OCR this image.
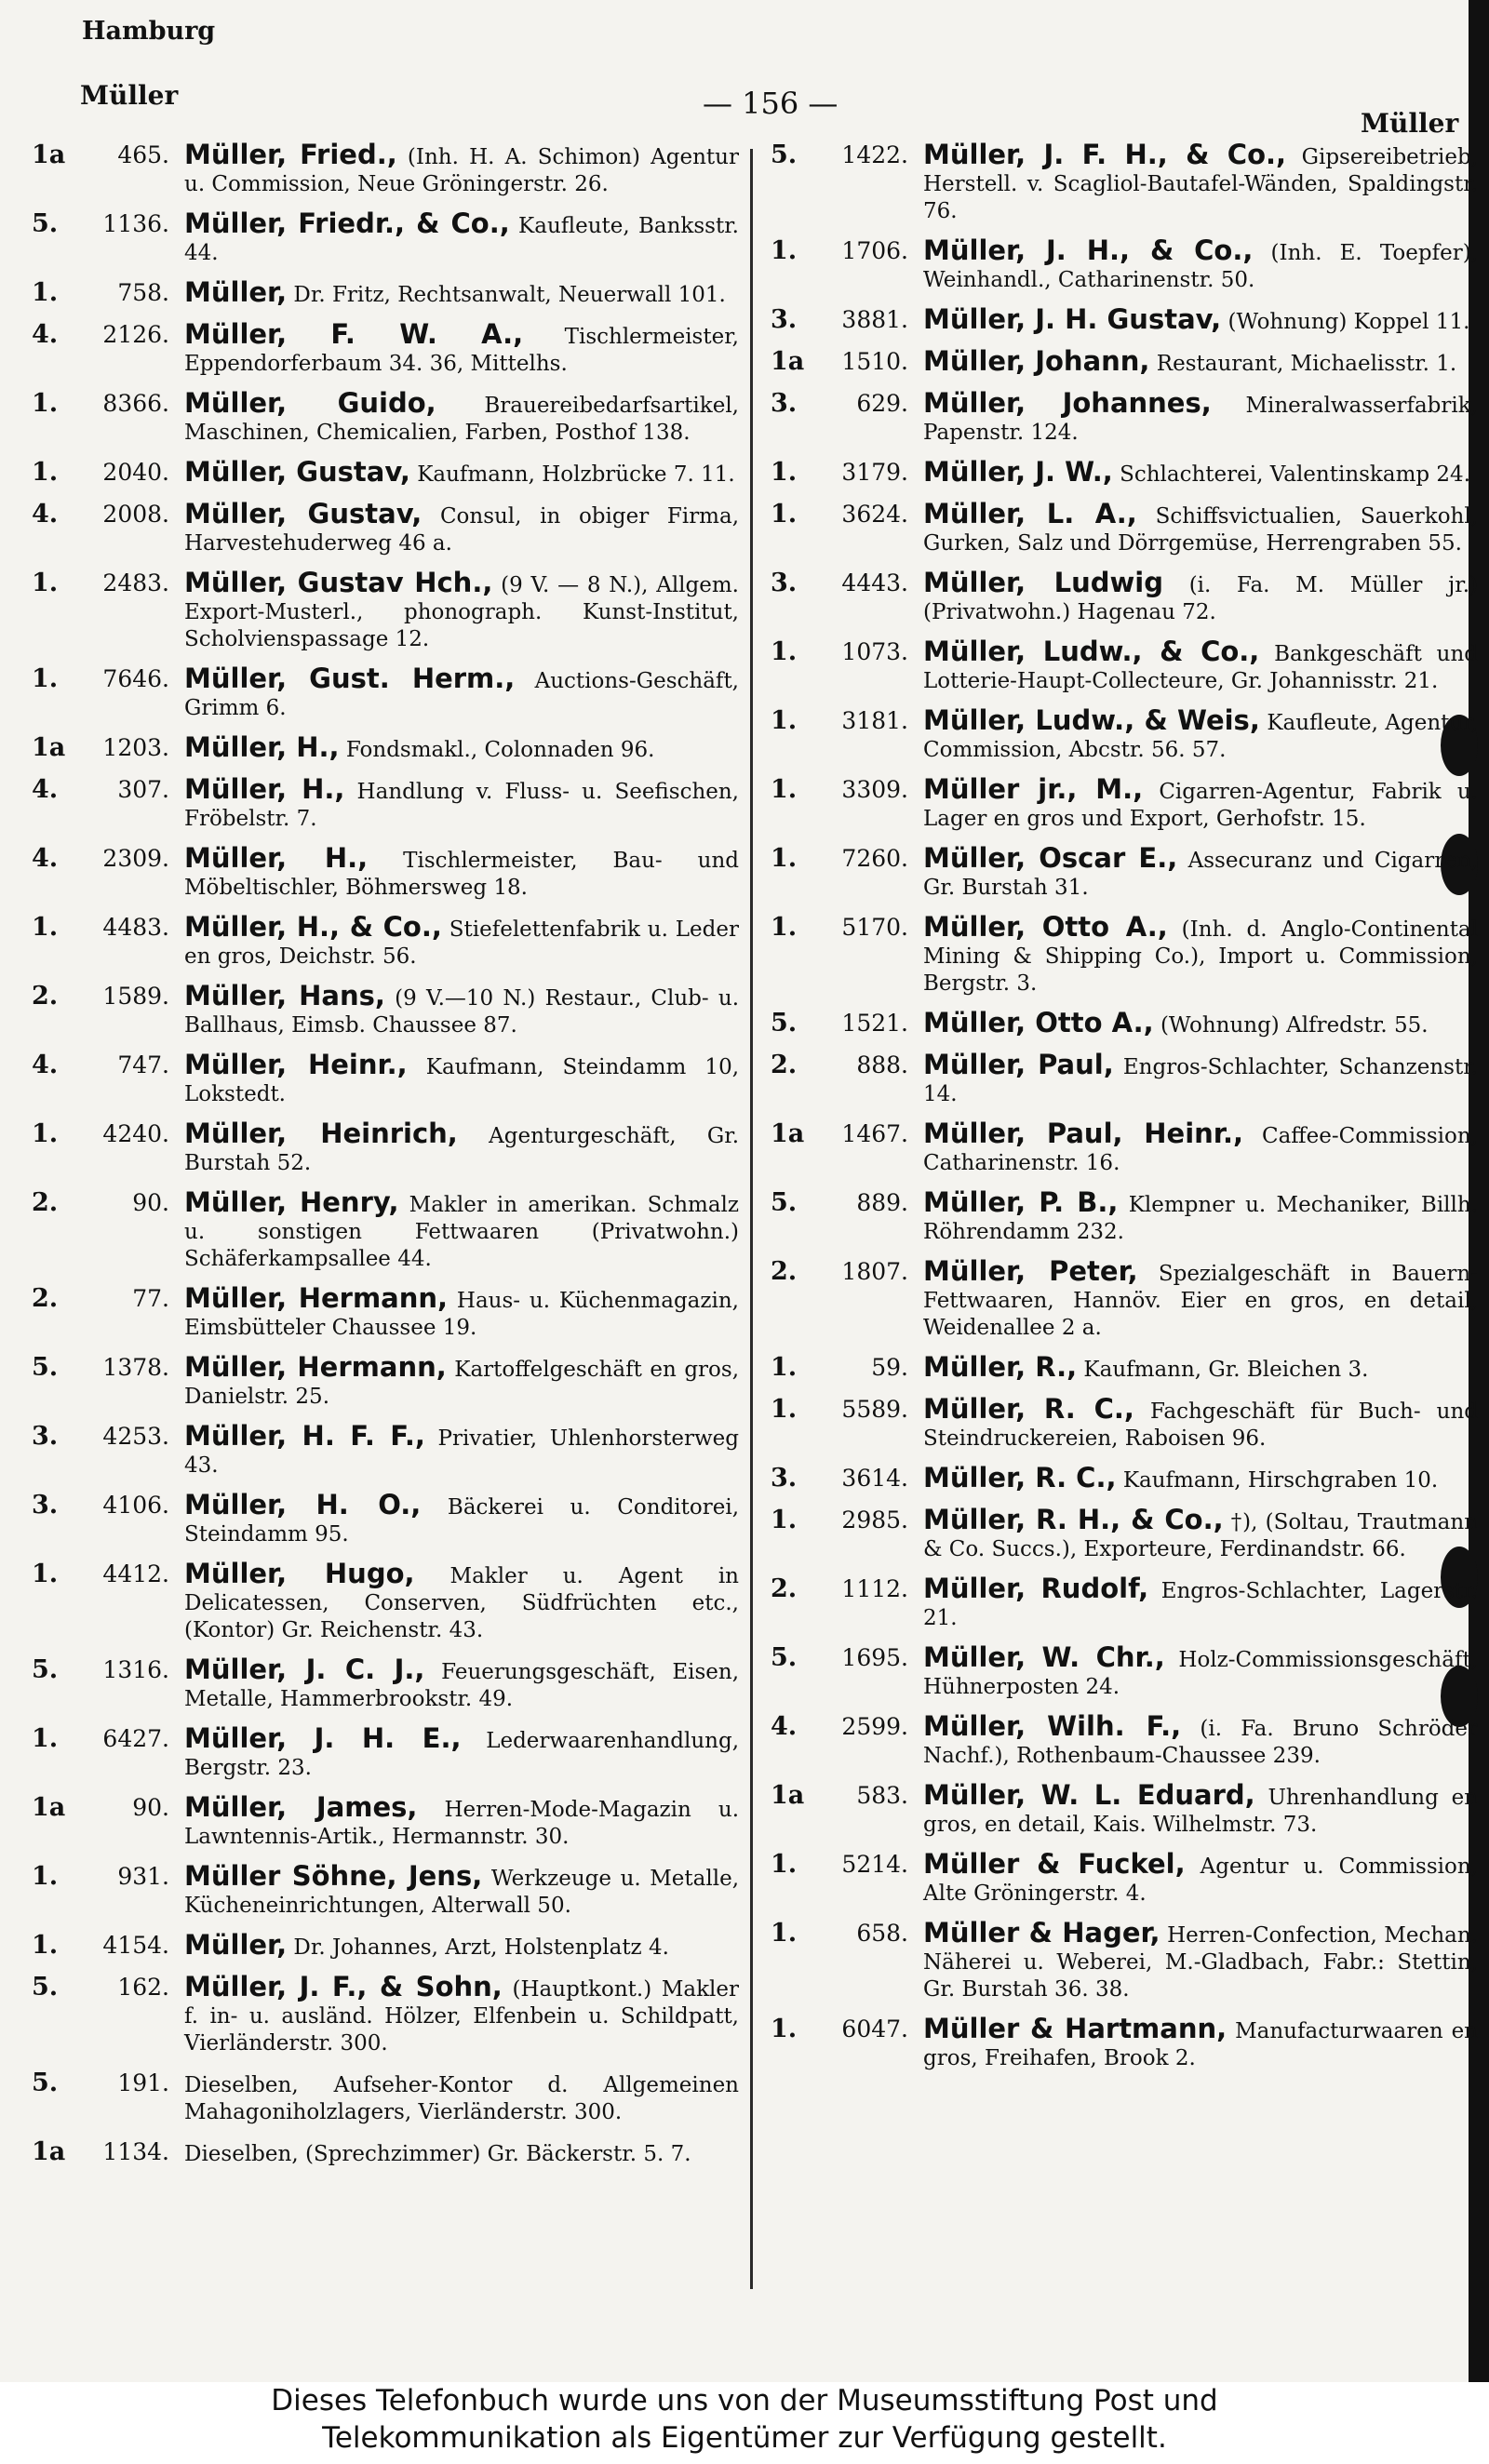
Hamburg
Müller	— 156 —
Müller
1a	465. Müller, Fried., (Inh. H. A. Schimon) Agentur u. Commission, Neue Gröningerstr. 26.
5.	1136. Müller, Friedr., & Co., Kaufleute, Banksstr. 44.
1.	758. Müller, Dr. Fritz, Rechtsanwalt, Neuerwall 101.
4.	2126. Müller, F. W. A., Tischlermeister, Eppendorferbaum 34. 36, Mittelhs.
1.	8366. Müller, Guido, Brauereibedarfsartikel, Maschinen, Chemicalien, Farben, Posthof 138.
1.	2040. Müller, Gustav, Kaufmann, Holzbrücke 7. 11.
4.	2008. Müller, Gustav, Consul, in obiger Firma, Harvestehuderweg 46 a.
1.	2483. Müller, Gustav Hch., (9 V. — 8 N.), Allgem. Export-Musterl., phonograph. Kunst-Institut, Scholvienspassage 12.
1.	7646. Müller, Gust. Herm., Auctions-Geschäft, Grimm 6.
1a	1203. Müller, H., Fondsmakl., Colonnaden 96.
4.	307. Müller, H., Handlung v. Fluss- u. Seefischen, Fröbelstr. 7.
4.	2309. Müller, H., Tischlermeister, Bau- und Möbeltischler, Böhmersweg 18.
1.	4483. Müller, H., & Co., Stiefelettenfabrik u. Leder en gros, Deichstr. 56.
2.	1589. Müller, Hans, (9 V.—10 N.) Restaur., Club- u. Ballhaus, Eimsb. Chaussee 87.
4.	747. Müller, Heinr., Kaufmann, Steindamm 10, Lokstedt.
1.	4240. Müller, Heinrich, Agenturgeschäft, Gr. Burstah 52.
2.	90. Müller, Henry, Makler in amerikan. Schmalz u. sonstigen Fettwaaren (Privatwohn.) Schäferkampsallee 44.
2.	77. Müller, Hermann, Haus- u. Küchenmagazin, Eimsbütteler Chaussee 19.
5.	1378. Müller, Hermann, Kartoffelgeschäft en gros, Danielstr. 25.
3.	4253. Müller, H. F. F., Privatier, Uhlenhorsterweg 43.
3.	4106. Müller, H. O., Bäckerei u. Conditorei, Steindamm 95.
1.	4412. Müller, Hugo, Makler u. Agent in Delicatessen, Conserven, Südfrüchten etc., (Kontor) Gr. Reichenstr. 43.
5.	1316. Müller, J. C. J., Feuerungsgeschäft, Eisen, Metalle, Hammerbrookstr. 49.
1.	6427. Müller, J. H. E., Lederwaarenhandlung, Bergstr. 23.
1a	90. Müller, James, Herren-Mode-Magazin u. Lawntennis-Artik., Hermannstr. 30.
1.	931. Müller Söhne, Jens, Werkzeuge u. Metalle, Kücheneinrichtungen, Alterwall 50.
1.	4154. Müller, Dr. Johannes, Arzt, Holstenplatz 4.
5.	162. Müller, J. F., & Sohn, (Hauptkont.) Makler f. in- u. ausländ. Hölzer, Elfenbein u. Schildpatt, Vierländerstr. 300.
5.	191. Dieselben, Aufseher-Kontor d. Allgemeinen Mahagoniholzlagers, Vierländerstr. 300.
1a	1134. Dieselben, (Sprechzimmer) Gr. Bäckerstr. 5. 7.
5.	1422. Müller, J. F. H., & Co., Gipsereibetrieb, Herstell. v. Scagliol-Bautafel-Wänden, Spaldingstr. 76.
1.	1706. Müller, J. H., & Co., (Inh. E. Toepfer), Weinhandl., Catharinenstr. 50.
3.	3881. Müller, J. H. Gustav, (Wohnung) Koppel 11.
1a	1510. Müller, Johann, Restaurant, Michaelisstr. 1.
3.	629. Müller, Johannes, Mineralwasserfabrik, Papenstr. 124.
1.	3179. Müller, J. W., Schlachterei, Valentinskamp 24.
1.	3624. Müller, L. A., Schiffsvictualien, Sauerkohl, Gurken, Salz und Dörrgemüse, Herrengraben 55.
3.	4443. Müller, Ludwig (i. Fa. M. Müller jr.) (Privatwohn.) Hagenau 72.
1.	1073. Müller, Ludw., & Co., Bankgeschäft und Lotterie-Haupt-Collecteure, Gr. Johannisstr. 21.
1.	3181. Müller, Ludw., & Weis, Kaufleute, Agentur, Commission, Abcstr. 56. 57.
1.	3309. Müller jr., M., Cigarren-Agentur, Fabrik u. Lager en gros und Export, Gerhofstr. 15.
1.	7260. Müller, Oscar E., Assecuranz und Cigarren, Gr. Burstah 31.
1.	5170. Müller, Otto A., (Inh. d. Anglo-Continental Mining & Shipping Co.), Import u. Commission, Bergstr. 3.
5.	1521. Müller, Otto A., (Wohnung) Alfredstr. 55.
2.	888. Müller, Paul, Engros-Schlachter, Schanzenstr. 14.
1a	1467. Müller, Paul, Heinr., Caffee-Commission, Catharinenstr. 16.
5.	889. Müller, P. B., Klempner u. Mechaniker, Billh. Röhrendamm 232.
2.	1807. Müller, Peter, Spezialgeschäft in Bauern-Fettwaaren, Hannöv. Eier en gros, en detail, Weidenallee 2 a.
1.	59. Müller, R., Kaufmann, Gr. Bleichen 3.
1.	5589. Müller, R. C., Fachgeschäft für Buch- und Steindruckereien, Raboisen 96.
3.	3614. Müller, R. C., Kaufmann, Hirschgraben 10.
1.	2985. Müller, R. H., & Co., †), (Soltau, Trautmann & Co. Succs.), Exporteure, Ferdinandstr. 66.
2.	1112. Müller, Rudolf, Engros-Schlachter, Lagerstr. 21.
5.	1695. Müller, W. Chr., Holz-Commissionsgeschäft, Hühnerposten 24.
4.	2599. Müller, Wilh. F., (i. Fa. Bruno Schröder Nachf.), Rothenbaum-Chaussee 239.
1a	583. Müller, W. L. Eduard, Uhrenhandlung en gros, en detail, Kais. Wilhelmstr. 73.
1.	5214. Müller & Fuckel, Agentur u. Commission, Alte Gröningerstr. 4.
1.	658. Müller & Hager, Herren-Confection, Mechan. Näherei u. Weberei, M.-Gladbach, Fabr.: Stettin, Gr. Burstah 36. 38.
1.	6047. Müller & Hartmann, Manufacturwaaren en gros, Freihafen, Brook 2.
Dieses Telefonbuch wurde uns von der Museumsstiftung Post und
Telekommunikation als Eigentümer zur Verfügung gestellt.
